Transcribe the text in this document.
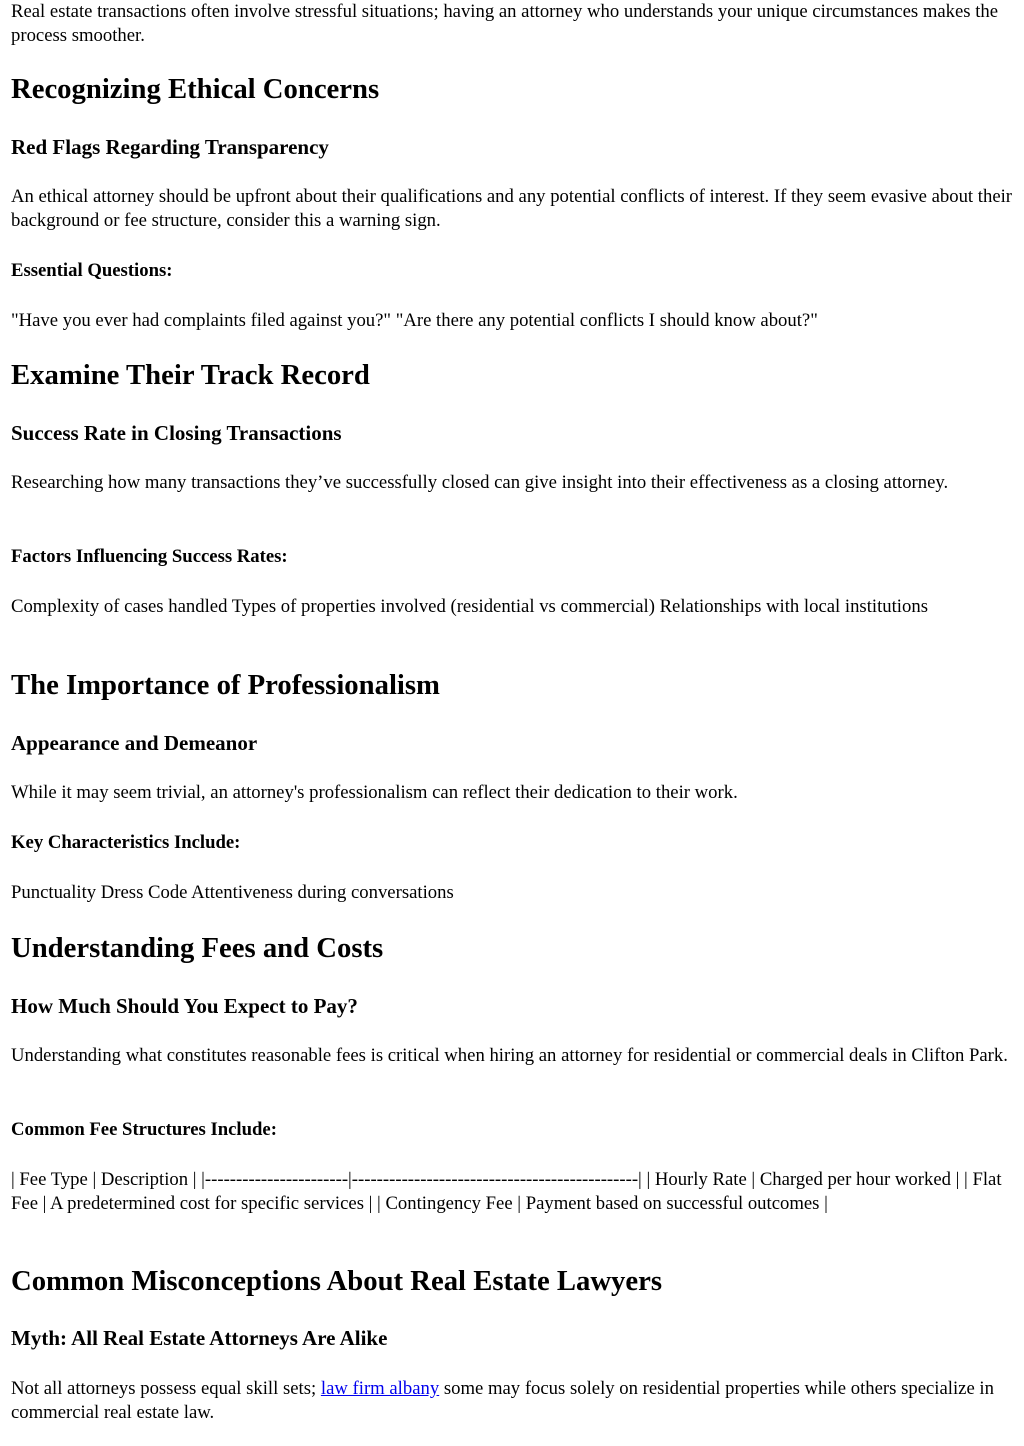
Real estate transactions often involve stressful situations; having an attorney who understands your unique circumstances makes the process smoother.

Recognizing Ethical Concerns
Red Flags Regarding Transparency

An ethical attorney should be upfront about their qualifications and any potential conflicts of interest. If they seem evasive about their background or fee structure, consider this a warning sign.

Essential Questions:

"Have you ever had complaints filed against you?" "Are there any potential conflicts I should know about?"

Examine Their Track Record
Success Rate in Closing Transactions

Researching how many transactions they’ve successfully closed can give insight into their effectiveness as a closing attorney.

Factors Influencing Success Rates:

Complexity of cases handled Types of properties involved (residential vs commercial) Relationships with local institutions

The Importance of Professionalism
Appearance and Demeanor

While it may seem trivial, an attorney's professionalism can reflect their dedication to their work.

Key Characteristics Include:

Punctuality Dress Code Attentiveness during conversations

Understanding Fees and Costs
How Much Should You Expect to Pay?

Understanding what constitutes reasonable fees is critical when hiring an attorney for residential or commercial deals in Clifton Park.

Common Fee Structures Include:

| Fee Type | Description | |-----------------------|----------------------------------------------| | Hourly Rate | Charged per hour worked | | Flat Fee | A predetermined cost for specific services | | Contingency Fee | Payment based on successful outcomes |

Common Misconceptions About Real Estate Lawyers
Myth: All Real Estate Attorneys Are Alike

Not all attorneys possess equal skill sets; law firm albany some may focus solely on residential properties while others specialize in commercial real estate law.
